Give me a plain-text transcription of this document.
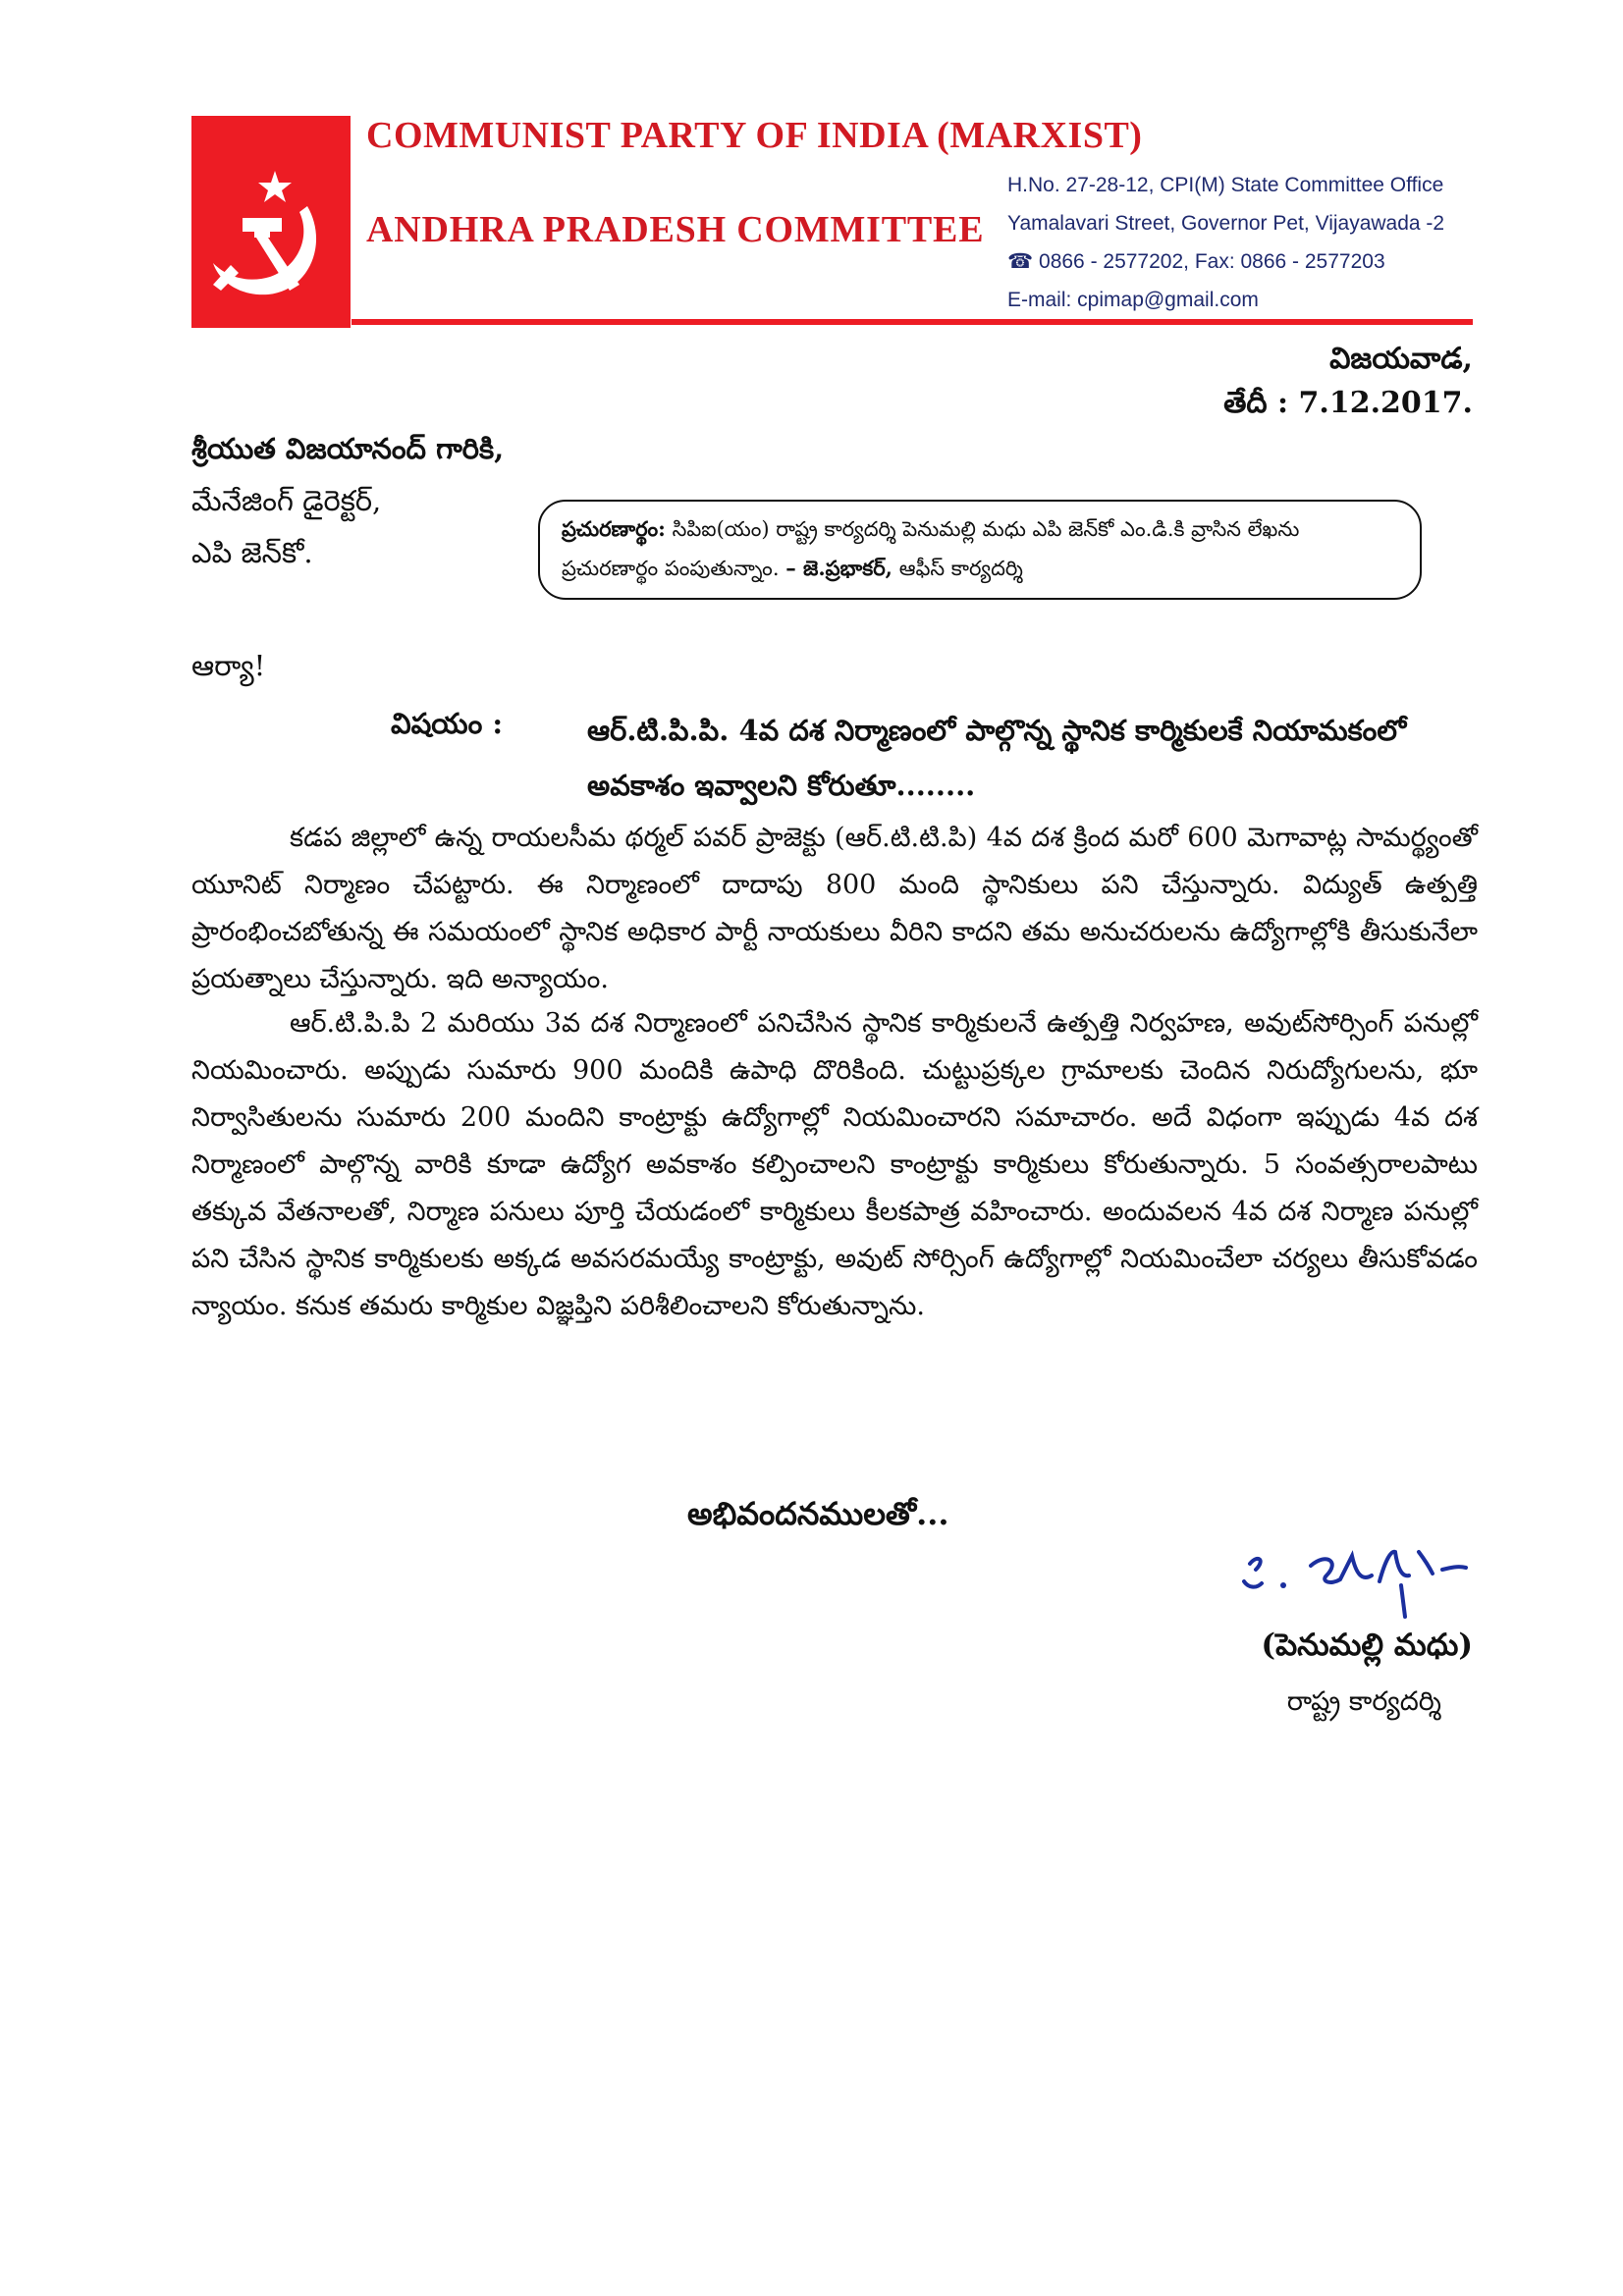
COMMUNIST PARTY OF INDIA (MARXIST)
ANDHRA PRADESH COMMITTEE
H.No. 27-28-12, CPI(M) State Committee Office
Yamalavari Street, Governor Pet, Vijayawada -2
☎ 0866 - 2577202, Fax: 0866 - 2577203
E-mail: cpimap@gmail.com
విజయవాడ,
తేదీ : 7.12.2017.
శ్రీయుత విజయానంద్ గారికి,
మేనేజింగ్ డైరెక్టర్,
ఎపి జెన్‌కో.
ప్రచురణార్థం: సిపిఐ(యం) రాష్ట్ర కార్యదర్శి పెనుమల్లి మధు ఎపి జెన్‌కో ఎం.డి.కి వ్రాసిన లేఖను ప్రచురణార్థం పంపుతున్నాం. – జె.ప్రభాకర్, ఆఫీస్ కార్యదర్శి
ఆర్యా!
విషయం :	ఆర్.టి.పి.పి. 4వ దశ నిర్మాణంలో పాల్గొన్న స్థానిక కార్మికులకే నియామకంలో అవకాశం ఇవ్వాలని కోరుతూ........
కడప జిల్లాలో ఉన్న రాయలసీమ థర్మల్ పవర్ ప్రాజెక్టు (ఆర్.టి.టి.పి) 4వ దశ క్రింద మరో 600 మెగావాట్ల సామర్థ్యంతో యూనిట్ నిర్మాణం చేపట్టారు. ఈ నిర్మాణంలో దాదాపు 800 మంది స్థానికులు పని చేస్తున్నారు. విద్యుత్ ఉత్పత్తి ప్రారంభించబోతున్న ఈ సమయంలో స్థానిక అధికార పార్టీ నాయకులు వీరిని కాదని తమ అనుచరులను ఉద్యోగాల్లోకి తీసుకునేలా ప్రయత్నాలు చేస్తున్నారు. ఇది అన్యాయం.
ఆర్.టి.పి.పి 2 మరియు 3వ దశ నిర్మాణంలో పనిచేసిన స్థానిక కార్మికులనే ఉత్పత్తి నిర్వహణ, అవుట్‌సోర్సింగ్ పనుల్లో నియమించారు. అప్పుడు సుమారు 900 మందికి ఉపాధి దొరికింది. చుట్టుప్రక్కల గ్రామాలకు చెందిన నిరుద్యోగులను, భూ నిర్వాసితులను సుమారు 200 మందిని కాంట్రాక్టు ఉద్యోగాల్లో నియమించారని సమాచారం. అదే విధంగా ఇప్పుడు 4వ దశ నిర్మాణంలో పాల్గొన్న వారికి కూడా ఉద్యోగ అవకాశం కల్పించాలని కాంట్రాక్టు కార్మికులు కోరుతున్నారు. 5 సంవత్సరాలపాటు తక్కువ వేతనాలతో, నిర్మాణ పనులు పూర్తి చేయడంలో కార్మికులు కీలకపాత్ర వహించారు. అందువలన 4వ దశ నిర్మాణ పనుల్లో పని చేసిన స్థానిక కార్మికులకు అక్కడ అవసరమయ్యే కాంట్రాక్టు, అవుట్ సోర్సింగ్ ఉద్యోగాల్లో నియమించేలా చర్యలు తీసుకోవడం న్యాయం. కనుక తమరు కార్మికుల విజ్ఞప్తిని పరిశీలించాలని కోరుతున్నాను.
అభివందనములతో...
(పెనుమల్లి మధు)
రాష్ట్ర కార్యదర్శి
